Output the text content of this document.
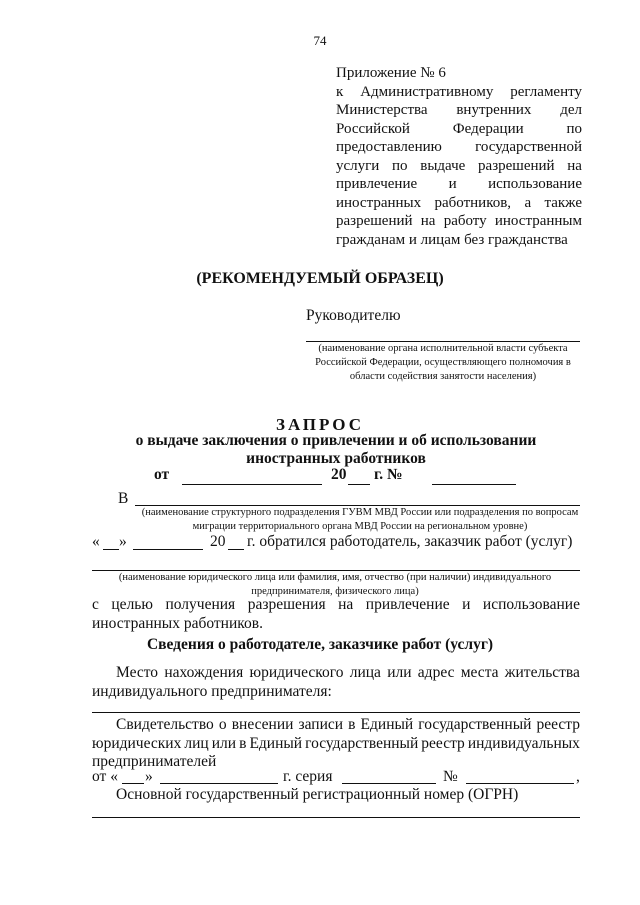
74
Приложение № 6
к Административному регламенту
Министерства внутренних дел
Российской	Федерации	по
предоставлению государственной
услуги по выдаче разрешений на
привлечение и использование
иностранных работников, а также
разрешений на работу иностранным
гражданам и лицам без гражданства
(РЕКОМЕНДУЕМЫЙ ОБРАЗЕЦ)
Руководителю
(наименование органа исполнительной власти субъекта Российской Федерации, осуществляющего полномочия в области содействия занятости населения)
ЗАПРОС
о выдаче заключения о привлечении и об использовании иностранных работников
от	20 г. №
В
(наименование структурного подразделения ГУВМ МВД России или подразделения по вопросам миграции территориального органа МВД России на региональном уровне)
« »	20 г. обратился работодатель, заказчик работ (услуг)
(наименование юридического лица или фамилия, имя, отчество (при наличии) индивидуального предпринимателя, физического лица)
с целью получения разрешения на привлечение и использование
иностранных работников.
Сведения о работодателе, заказчике работ (услуг)
Место нахождения юридического лица или адрес места жительства
индивидуального предпринимателя:
Свидетельство о внесении записи в Единый государственный реестр
юридических лиц или в Единый государственный реестр индивидуальных
предпринимателей
от « »	г. серия	№	,
Основной государственный регистрационный номер (ОГРН)
